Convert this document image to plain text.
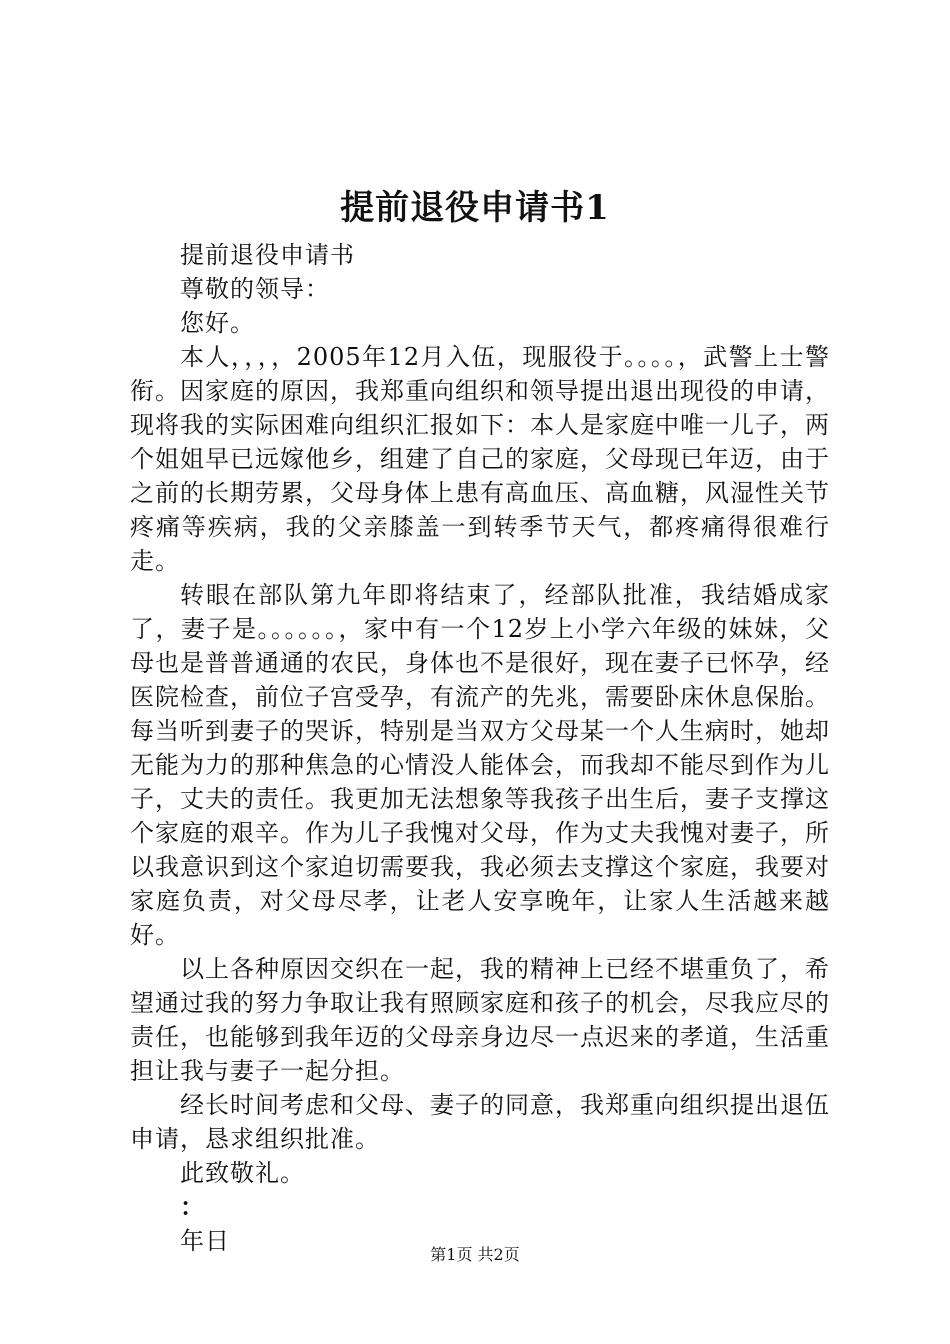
提前退役申请书1

提前退役申请书

尊敬的领导：

您好。

本人，，，，2005年12月入伍，现服役于。。。。，武警上士警衔。因家庭的原因，我郑重向组织和领导提出退出现役的申请，现将我的实际困难向组织汇报如下：本人是家庭中唯一儿子，两个姐姐早已远嫁他乡，组建了自己的家庭，父母现已年迈，由于之前的长期劳累，父母身体上患有高血压、高血糖，风湿性关节疼痛等疾病，我的父亲膝盖一到转季节天气，都疼痛得很难行走。

转眼在部队第九年即将结束了，经部队批准，我结婚成家了，妻子是。。。。。。，家中有一个12岁上小学六年级的妹妹，父母也是普普通通的农民，身体也不是很好，现在妻子已怀孕，经医院检查，前位子宫受孕，有流产的先兆，需要卧床休息保胎。每当听到妻子的哭诉，特别是当双方父母某一个人生病时，她却无能为力的那种焦急的心情没人能体会，而我却不能尽到作为儿子，丈夫的责任。我更加无法想象等我孩子出生后，妻子支撑这个家庭的艰辛。作为儿子我愧对父母，作为丈夫我愧对妻子，所以我意识到这个家迫切需要我，我必须去支撑这个家庭，我要对家庭负责，对父母尽孝，让老人安享晚年，让家人生活越来越好。

以上各种原因交织在一起，我的精神上已经不堪重负了，希望通过我的努力争取让我有照顾家庭和孩子的机会，尽我应尽的责任，也能够到我年迈的父母亲身边尽一点迟来的孝道，生活重担让我与妻子一起分担。

经长时间考虑和父母、妻子的同意，我郑重向组织提出退伍申请，恳求组织批准。

此致敬礼。

：

年日	第1页 共2页
